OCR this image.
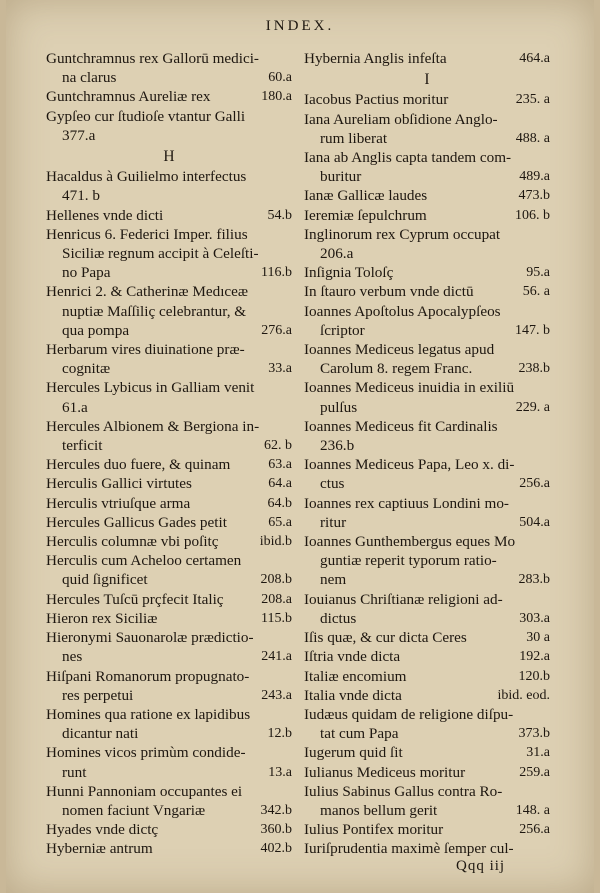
INDEX.
Guntchramnus rex Gallorū medici-
na clarus	60.a
Guntchramnus Aureliæ rex	180.a
Gypſeo cur ſtudioſe vtantur Galli
377.a
H
Hacaldus à Guilielmo interfectus
471. b
Hellenes vnde dicti	54.b
Henricus 6. Federici Imper. filius
Siciliæ regnum accipit à Celeſti-
no Papa	116.b
Henrici 2. & Catherinæ Medıceæ
nuptiæ Maſſiliç celebrantur, &
qua pompa	276.a
Herbarum vires diuinatione præ-
cognitæ	33.a
Hercules Lybicus in Galliam venit
61.a
Hercules Albionem & Bergiona in-
terficit	62. b
Hercules duo fuere, & quinam	63.a
Herculis Gallici virtutes	64.a
Herculis vtriuſque arma	64.b
Hercules Gallicus Gades petit	65.a
Herculis columnæ vbi poſitç	ibid.b
Herculis cum Acheloo certamen
quid ſignificet	208.b
Hercules Tuſcū prçfecit Italiç	208.a
Hieron rex Siciliæ	115.b
Hieronymi Sauonarolæ prædictio-
nes	241.a
Hiſpani Romanorum propugnato-
res perpetui	243.a
Homines qua ratione ex lapidibus
dicantur nati	12.b
Homines vicos primùm condide-
runt	13.a
Hunni Pannoniam occupantes ei
nomen faciunt Vngariæ	342.b
Hyades vnde dictç	360.b
Hyberniæ antrum	402.b
Hybernia Anglis infeſta	464.a
I
Iacobus Pactius moritur	235. a
Iana Aureliam obſidione Anglo-
rum liberat	488. a
Iana ab Anglis capta tandem com-
buritur	489.a
Ianæ Gallicæ laudes	473.b
Ieremiæ ſepulchrum	106. b
Inglinorum rex Cyprum occupat
206.a
Inſignia Toloſç	95.a
In ſtauro verbum vnde dictū	56. a
Ioannes Apoſtolus Apocalypſeos
ſcriptor	147. b
Ioannes Mediceus legatus apud
Carolum 8. regem Franc.	238.b
Ioannes Mediceus inuidia in exiliū
pulſus	229. a
Ioannes Mediceus fit Cardinalis
236.b
Ioannes Mediceus Papa, Leo x. di-
ctus	256.a
Ioannes rex captiuus Londini mo-
ritur	504.a
Ioannes Gunthembergus eques Mo
guntiæ reperit typorum ratio-
nem	283.b
Iouianus Chriſtianæ religioni ad-
dictus	303.a
Iſis quæ, & cur dicta Ceres	30 a
Iſtria vnde dicta	192.a
Italiæ encomium	120.b
Italia vnde dicta	ibid. eod.
Iudæus quidam de religione diſpu-
tat cum Papa	373.b
Iugerum quid ſit	31.a
Iulianus Mediceus moritur	259.a
Iulius Sabinus Gallus contra Ro-
manos bellum gerit	148. a
Iulius Pontifex moritur	256.a
Iuriſprudentia maximè ſemper cul-
Qqq iij
